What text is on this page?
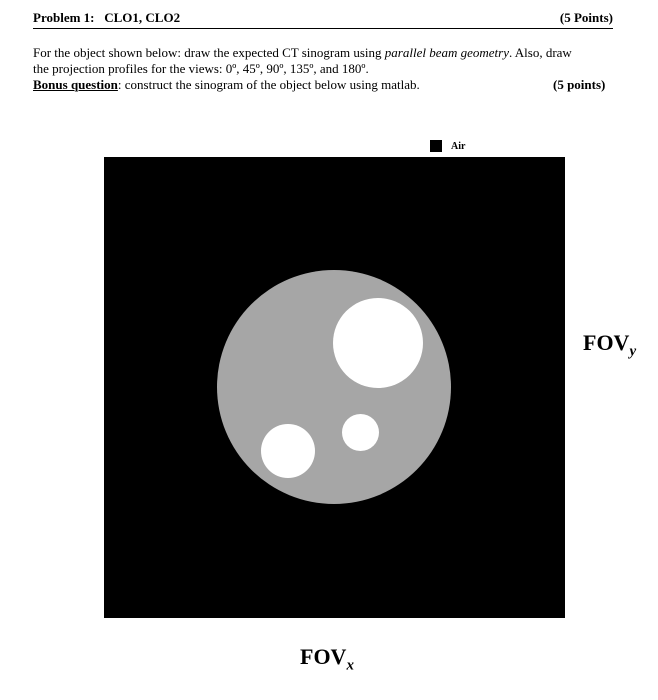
Problem 1: CLO1, CLO2	(5 Points)
For the object shown below: draw the expected CT sinogram using parallel beam geometry. Also, draw
the projection profiles for the views: 0º, 45º, 90º, 135º, and 180º.
Bonus question: construct the sinogram of the object below using matlab.	(5 points)
Air
$FOV_y$
$FOV_x$
